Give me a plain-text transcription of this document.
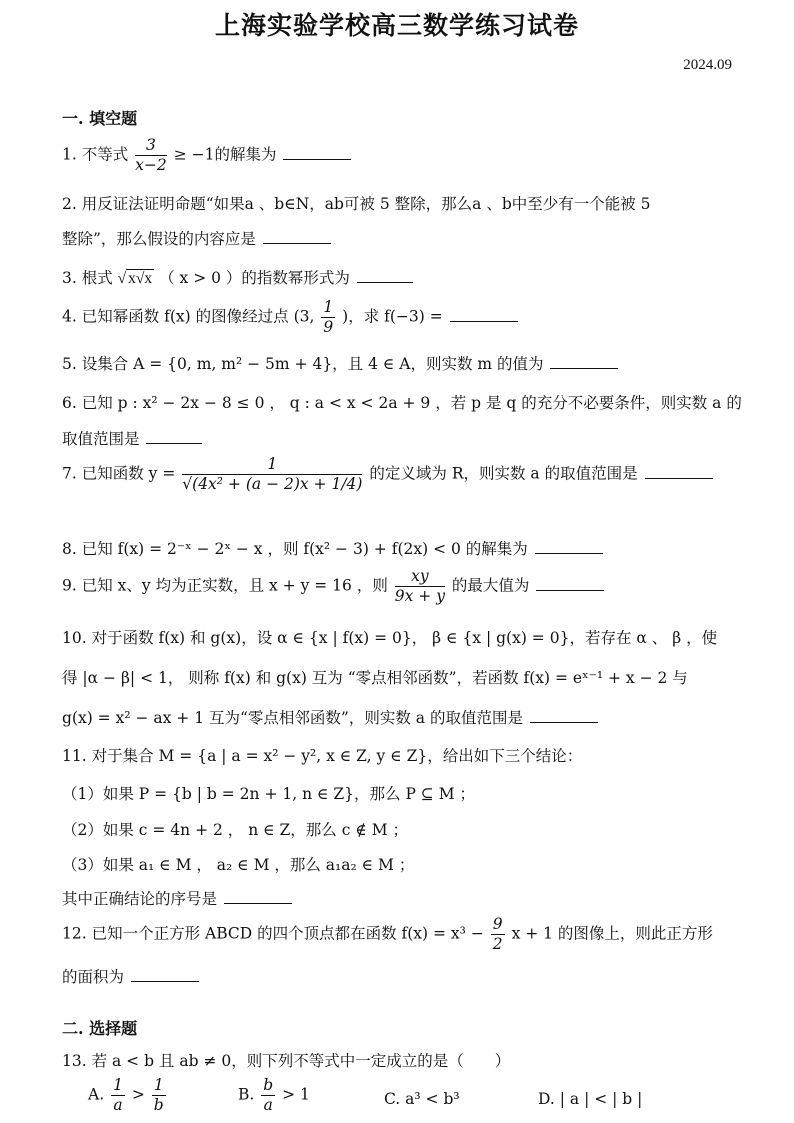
上海实验学校高三数学练习试卷
2024.09
一. 填空题
1. 不等式 $\frac{3}{x-2} \ge -1$的解集为
2. 用反证法证明命题“如果a 、b∈N，ab可被 5 整除，那么a 、b中至少有一个能被 5
整除”，那么假设的内容应是
3. 根式 √ x√x （ x > 0 ）的指数幂形式为
4. 已知幂函数 f(x) 的图像经过点 (3, $\frac{1}{9}$ )，求 f(−3) =
5. 设集合 A = {0, m, m² − 5m + 4}，且 4 ∈ A，则实数 m 的值为
6. 已知 p : x² − 2x − 8 ≤ 0 ， q : a < x < 2a + 9 ，若 p 是 q 的充分不必要条件，则实数 a 的
取值范围是
7. 已知函数 $y = \frac{1}{\text{√(4x² + (a − 2)x + 1/4)}}$ 的定义域为 R，则实数 a 的取值范围是
8. 已知 f(x) = 2⁻ˣ − 2ˣ − x ，则 f(x² − 3) + f(2x) < 0 的解集为
9. 已知 x、y 均为正实数，且 x + y = 16 ，则 $\frac{xy}{9x + y}$ 的最大值为
10. 对于函数 f(x) 和 g(x)，设 α ∈ {x | f(x) = 0}， β ∈ {x | g(x) = 0}，若存在 α 、 β ，使
得 |α − β| < 1， 则称 f(x) 和 g(x) 互为 “零点相邻函数”，若函数 f(x) = eˣ⁻¹ + x − 2 与
g(x) = x² − ax + 1 互为“零点相邻函数”，则实数 a 的取值范围是
11. 对于集合 M = {a | a = x² − y², x ∈ Z, y ∈ Z}，给出如下三个结论：
（1）如果 P = {b | b = 2n + 1, n ∈ Z}，那么 P ⊆ M ；
（2）如果 c = 4n + 2 ， n ∈ Z，那么 c ∉ M ；
（3）如果 a₁ ∈ M ， a₂ ∈ M ，那么 a₁a₂ ∈ M ；
其中正确结论的序号是
12. 已知一个正方形 ABCD 的四个顶点都在函数 $f(x) = x^3 - \frac{9}{2}$ x + 1 的图像上，则此正方形
的面积为
二. 选择题
13. 若 a < b 且 ab ≠ 0，则下列不等式中一定成立的是（　　）
A. $\frac{1}{a} > \frac{1}{b}$	B. $\frac{b}{a} > 1$	C. a³ < b³	D. | a | < | b |
